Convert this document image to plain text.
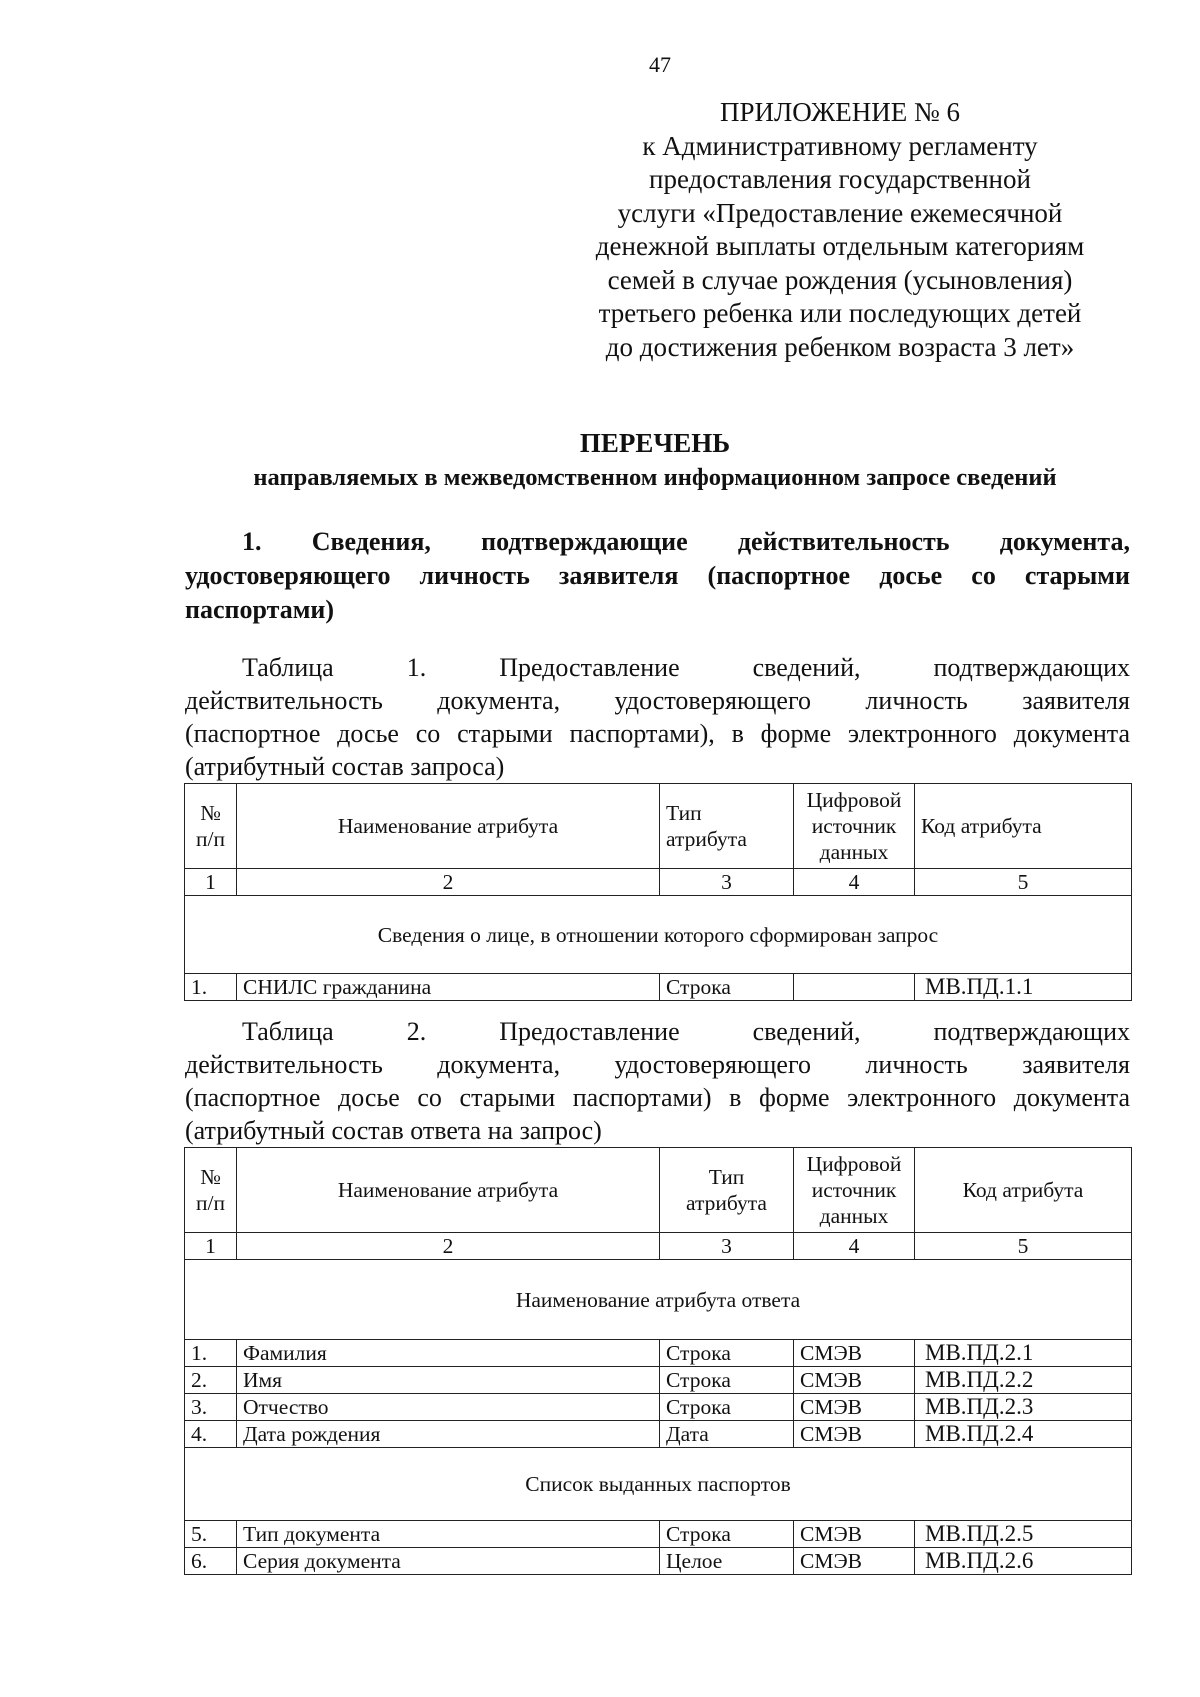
47
ПРИЛОЖЕНИЕ № 6
к Административному регламенту
предоставления государственной
услуги «Предоставление ежемесячной
денежной выплаты отдельным категориям
семей в случае рождения (усыновления)
третьего ребенка или последующих детей
до достижения ребенком возраста 3 лет»
ПЕРЕЧЕНЬ
направляемых в межведомственном информационном запросе сведений
1. Сведения, подтверждающие действительность документа,
удостоверяющего личность заявителя (паспортное досье со старыми
паспортами)
Таблица 1. Предоставление сведений, подтверждающих
действительность документа, удостоверяющего личность заявителя
(паспортное досье со старыми паспортами), в форме электронного документа
(атрибутный состав запроса)
№ п/п	Наименование атрибута	Тип атрибута	Цифровой источник данных	Код атрибута
1	2	3	4	5
Сведения о лице, в отношении которого сформирован запрос				
1.	СНИЛС гражданина	Строка		МВ.ПД.1.1
Таблица 2. Предоставление сведений, подтверждающих
действительность документа, удостоверяющего личность заявителя
(паспортное досье со старыми паспортами) в форме электронного документа
(атрибутный состав ответа на запрос)
№ п/п	Наименование атрибута	Тип атрибута	Цифровой источник данных	Код атрибута
1	2	3	4	5
Наименование атрибута ответа				
1.	Фамилия	Строка	СМЭВ	МВ.ПД.2.1
2.	Имя	Строка	СМЭВ	МВ.ПД.2.2
3.	Отчество	Строка	СМЭВ	МВ.ПД.2.3
4.	Дата рождения	Дата	СМЭВ	МВ.ПД.2.4
Список выданных паспортов				
5.	Тип документа	Строка	СМЭВ	МВ.ПД.2.5
6.	Серия документа	Целое	СМЭВ	МВ.ПД.2.6
